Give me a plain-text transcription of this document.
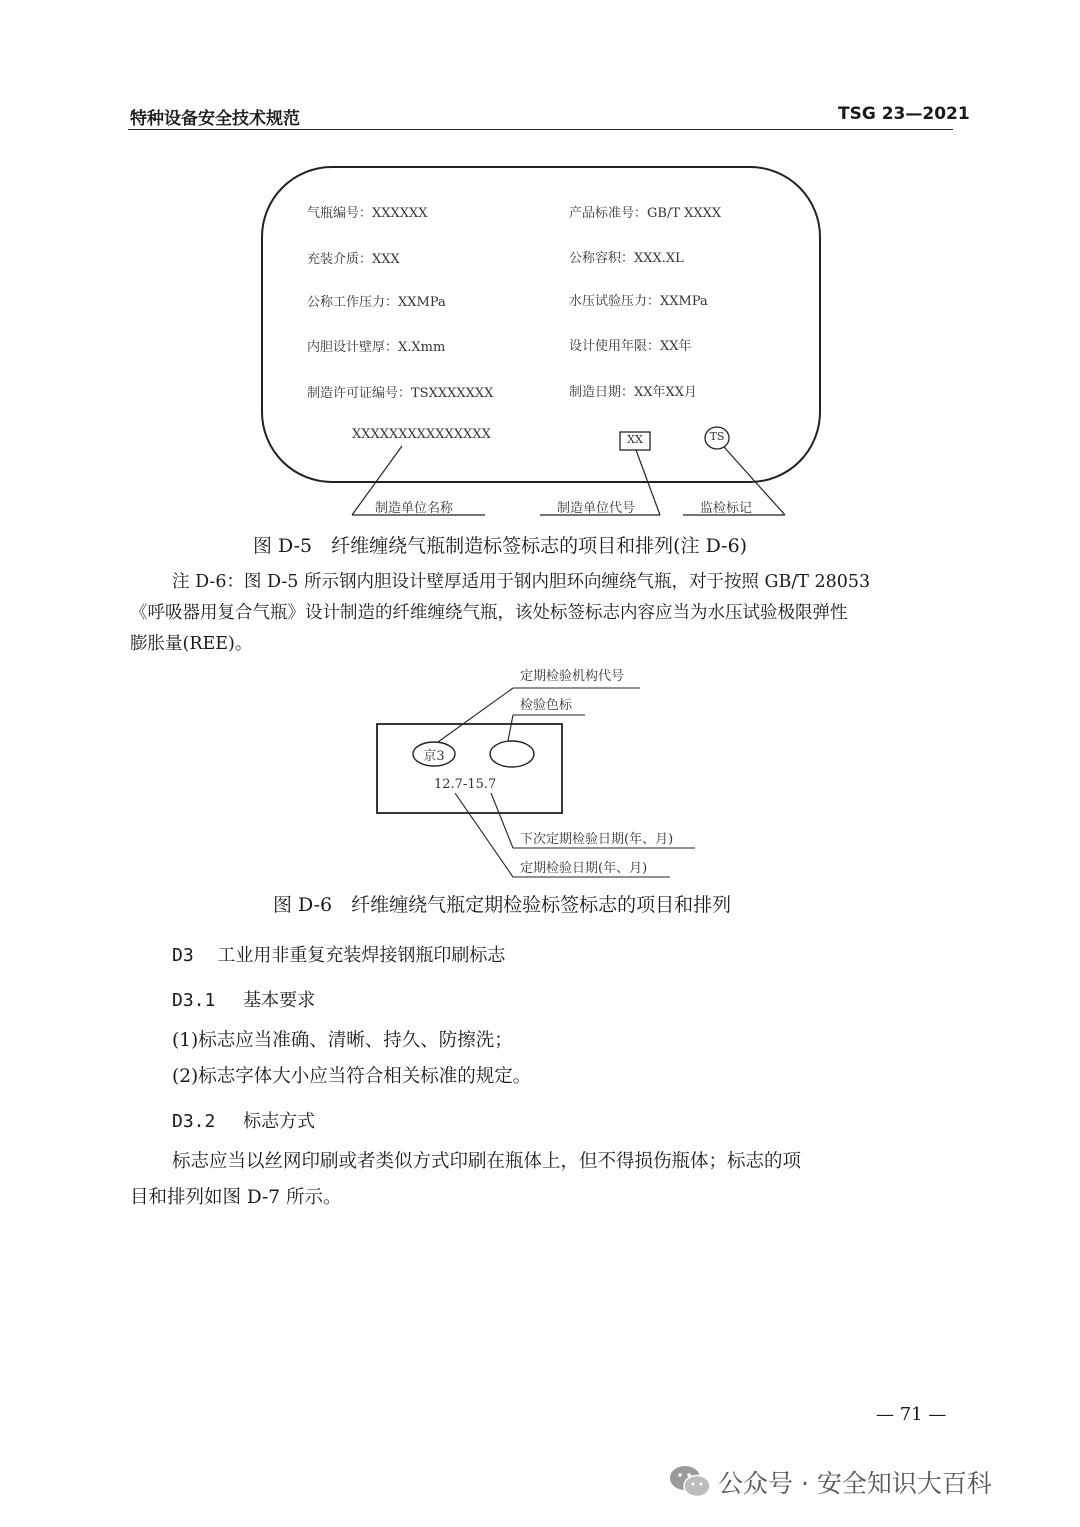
特种设备安全技术规范	TSG 23—2021
气瓶编号：XXXXXX	产品标准号：GB/T XXXX
充装介质：XXX	公称容积：XXX.XL
公称工作压力：XXMPa	水压试验压力：XXMPa
内胆设计壁厚：X.Xmm	设计使用年限：XX年
制造许可证编号：TSXXXXXXX	制造日期：XX年XX月
XXXXXXXXXXXXXXX	XX	TS
制造单位名称	制造单位代号	监检标记
图 D-5　纤维缠绕气瓶制造标签标志的项目和排列(注 D-6)
注 D-6：图 D-5 所示钢内胆设计壁厚适用于钢内胆环向缠绕气瓶，对于按照 GB/T 28053
《呼吸器用复合气瓶》设计制造的纤维缠绕气瓶，该处标签标志内容应当为水压试验极限弹性
膨胀量(REE)。
定期检验机构代号
检验色标
京3
12.7-15.7
下次定期检验日期(年、月)
定期检验日期(年、月)
图 D-6　纤维缠绕气瓶定期检验标签标志的项目和排列
D3 工业用非重复充装焊接钢瓶印刷标志
D3.1 基本要求
(1)标志应当准确、清晰、持久、防擦洗；
(2)标志字体大小应当符合相关标准的规定。
D3.2 标志方式
标志应当以丝网印刷或者类似方式印刷在瓶体上，但不得损伤瓶体；标志的项
目和排列如图 D-7 所示。
— 71 —
公众号 · 安全知识大百科
